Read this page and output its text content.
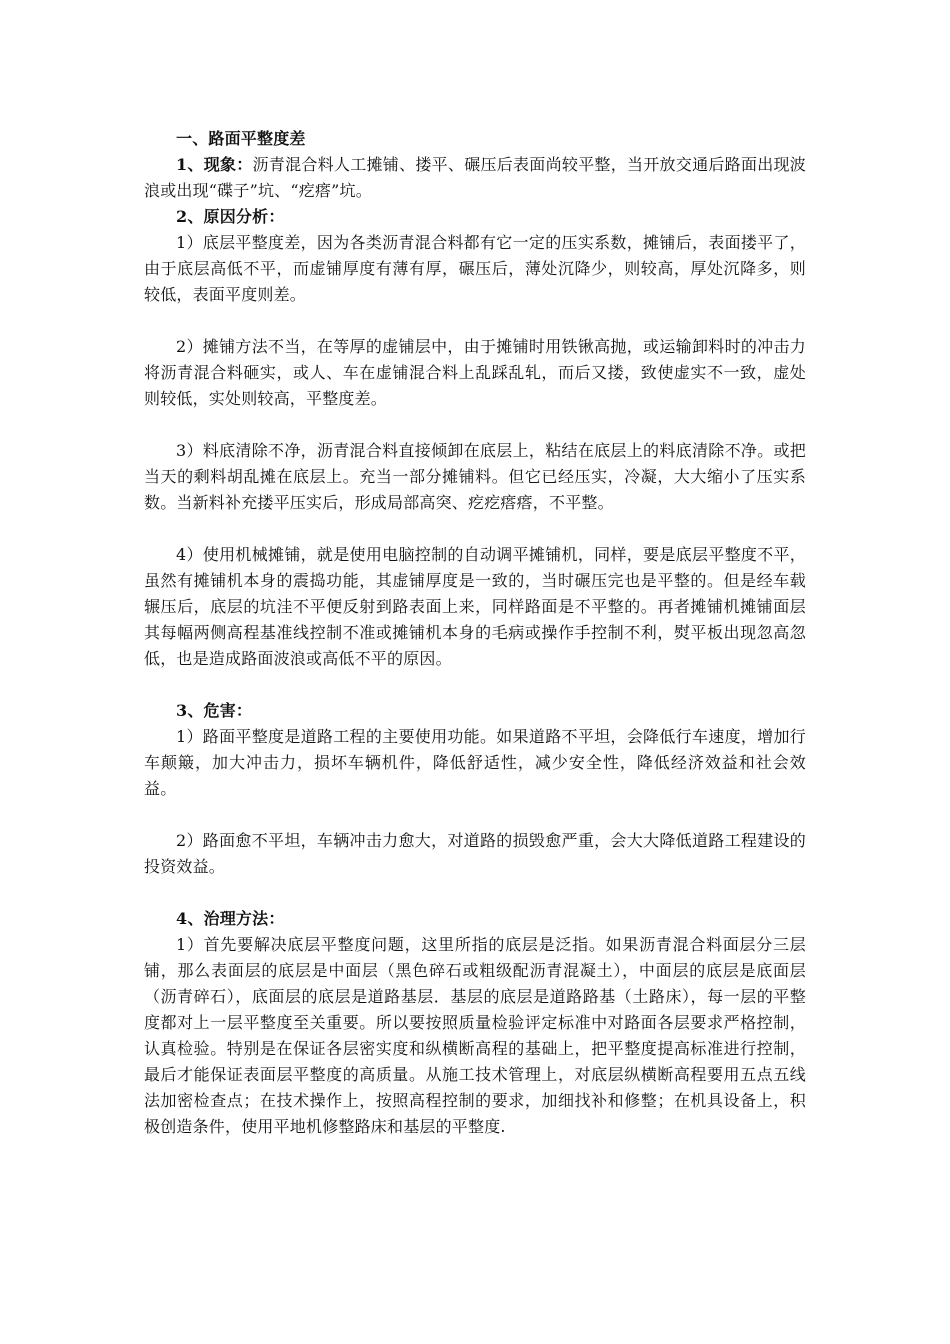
一、路面平整度差

1、现象：沥青混合料人工摊铺、搂平、碾压后表面尚较平整，当开放交通后路面出现波浪或出现“碟子”坑、“疙瘩”坑。

2、原因分析：

1）底层平整度差，因为各类沥青混合料都有它一定的压实系数，摊铺后，表面搂平了，由于底层高低不平，而虚铺厚度有薄有厚，碾压后，薄处沉降少，则较高，厚处沉降多，则较低，表面平度则差。

2）摊铺方法不当，在等厚的虚铺层中，由于摊铺时用铁锹高抛，或运输卸料时的冲击力将沥青混合料砸实，或人、车在虚铺混合料上乱踩乱轧，而后又搂，致使虚实不一致，虚处则较低，实处则较高，平整度差。

3）料底清除不净，沥青混合料直接倾卸在底层上，粘结在底层上的料底清除不净。或把当天的剩料胡乱摊在底层上。充当一部分摊铺料。但它已经压实，冷凝，大大缩小了压实系数。当新料补充搂平压实后，形成局部高突、疙疙瘩瘩，不平整。

4）使用机械摊铺，就是使用电脑控制的自动调平摊铺机，同样，要是底层平整度不平，虽然有摊铺机本身的震捣功能，其虚铺厚度是一致的，当时碾压完也是平整的。但是经车载辗压后，底层的坑洼不平便反射到路表面上来，同样路面是不平整的。再者摊铺机摊铺面层其每幅两侧高程基准线控制不准或摊铺机本身的毛病或操作手控制不利，熨平板出现忽高忽低，也是造成路面波浪或高低不平的原因。

3、危害：

1）路面平整度是道路工程的主要使用功能。如果道路不平坦，会降低行车速度，增加行车颠簸，加大冲击力，损坏车辆机件，降低舒适性，减少安全性，降低经济效益和社会效益。

2）路面愈不平坦，车辆冲击力愈大，对道路的损毁愈严重，会大大降低道路工程建设的投资效益。

4、治理方法：

1）首先要解决底层平整度问题，这里所指的底层是泛指。如果沥青混合料面层分三层铺，那么表面层的底层是中面层（黑色碎石或粗级配沥青混凝土），中面层的底层是底面层（沥青碎石），底面层的底层是道路基层．基层的底层是道路路基（土路床），每一层的平整度都对上一层平整度至关重要。所以要按照质量检验评定标准中对路面各层要求严格控制，认真检验。特别是在保证各层密实度和纵横断高程的基础上，把平整度提高标准进行控制，最后才能保证表面层平整度的高质量。从施工技术管理上，对底层纵横断高程要用五点五线法加密检查点；在技术操作上，按照高程控制的要求，加细找补和修整；在机具设备上，积极创造条件，使用平地机修整路床和基层的平整度.
